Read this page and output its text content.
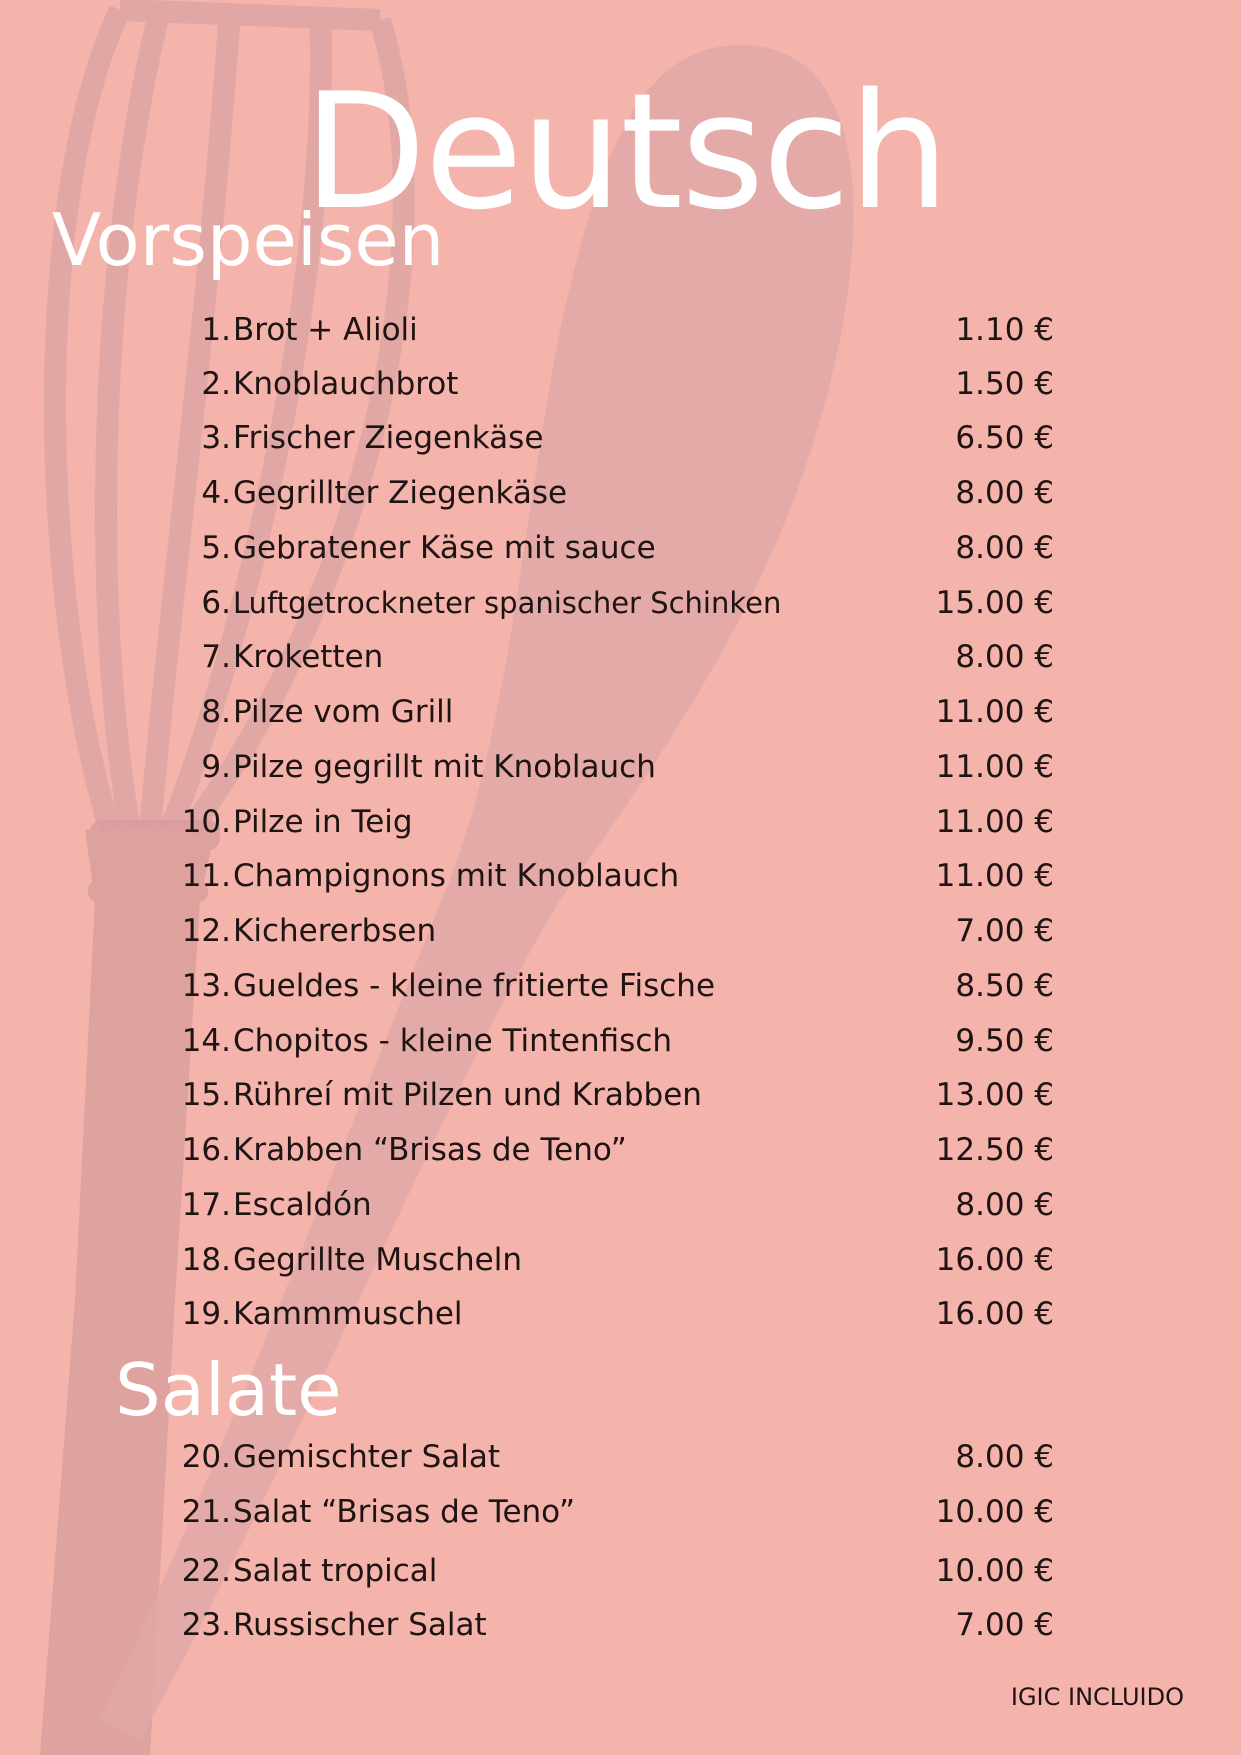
Deutsch
Vorspeisen
1. Brot + Alioli	1.10 €
2. Knoblauchbrot	1.50 €
3. Frischer Ziegenkäse	6.50 €
4. Gegrillter Ziegenkäse	8.00 €
5. Gebratener Käse mit sauce	8.00 €
6. Luftgetrockneter spanischer Schinken	15.00 €
7. Kroketten	8.00 €
8. Pilze vom Grill	11.00 €
9. Pilze gegrillt mit Knoblauch	11.00 €
10. Pilze in Teig	11.00 €
11. Champignons mit Knoblauch	11.00 €
12. Kichererbsen	7.00 €
13. Gueldes - kleine fritierte Fische	8.50 €
14. Chopitos - kleine Tintenfisch	9.50 €
15. Rühreí mit Pilzen und Krabben	13.00 €
16. Krabben “Brisas de Teno”	12.50 €
17. Escaldón	8.00 €
18. Gegrillte Muscheln	16.00 €
19. Kammmuschel	16.00 €
Salate
20. Gemischter Salat	8.00 €
21. Salat “Brisas de Teno”	10.00 €
22. Salat tropical	10.00 €
23. Russischer Salat	7.00 €
IGIC INCLUIDO
